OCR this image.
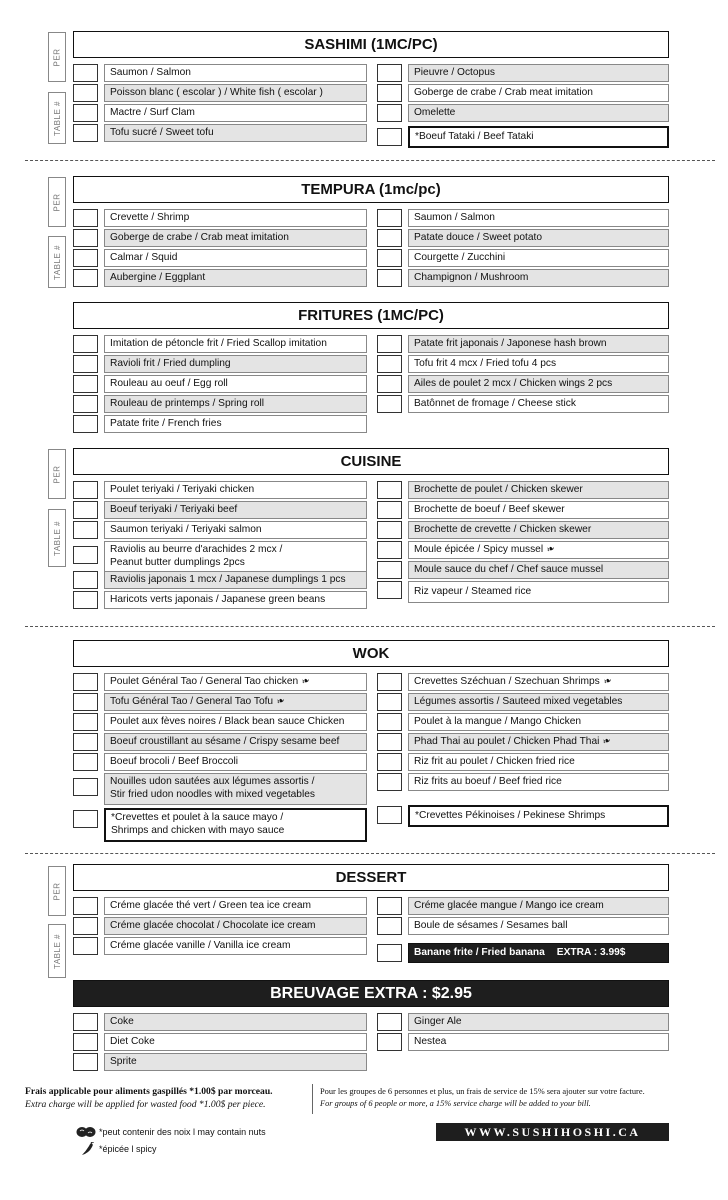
SASHIMI (1MC/PC)
PER
TABLE #
Saumon / Salmon
Poisson blanc ( escolar ) / White fish ( escolar )
Mactre / Surf Clam
Tofu sucré / Sweet tofu
Pieuvre / Octopus
Goberge de crabe / Crab meat imitation
Omelette
*Boeuf Tataki / Beef Tataki
TEMPURA (1mc/pc)
PER
TABLE #
Crevette / Shrimp
Goberge de crabe / Crab meat imitation
Calmar / Squid
Aubergine / Eggplant
Saumon / Salmon
Patate douce / Sweet potato
Courgette / Zucchini
Champignon / Mushroom
FRITURES (1MC/PC)
Imitation de pétoncle frit / Fried Scallop imitation
Ravioli frit / Fried dumpling
Rouleau au oeuf / Egg roll
Rouleau de printemps / Spring roll
Patate frite / French fries
Patate frit japonais / Japonese hash brown
Tofu frit 4 mcx / Fried tofu 4 pcs
Ailes de poulet 2 mcx / Chicken wings 2 pcs
Batônnet de fromage / Cheese stick
CUISINE
PER
TABLE #
Poulet teriyaki / Teriyaki chicken
Boeuf teriyaki / Teriyaki beef
Saumon teriyaki / Teriyaki salmon
Raviolis au beurre d'arachides 2 mcx /
Peanut butter dumplings 2pcs
Raviolis japonais 1 mcx / Japanese dumplings 1 pcs
Haricots verts japonais / Japanese green beans
Brochette de poulet / Chicken skewer
Brochette de boeuf / Beef skewer
Brochette de crevette / Chicken skewer
Moule épicée / Spicy mussel ❧
Moule sauce du chef / Chef sauce mussel
Riz vapeur / Steamed rice
WOK
Poulet Général Tao / General Tao chicken ❧
Tofu Général Tao / General Tao Tofu ❧
Poulet aux fèves noires / Black bean sauce Chicken
Boeuf croustillant au sésame / Crispy sesame beef
Boeuf brocoli / Beef Broccoli
Nouilles udon sautées aux légumes assortis /
Stir fried udon noodles with mixed vegetables
*Crevettes et poulet à la sauce mayo /
Shrimps and chicken with mayo sauce
Crevettes Széchuan / Szechuan Shrimps ❧
Légumes assortis / Sauteed mixed vegetables
Poulet à la mangue / Mango Chicken
Phad Thai au poulet / Chicken Phad Thai ❧
Riz frit au poulet / Chicken fried rice
Riz frits au boeuf / Beef fried rice
*Crevettes Pékinoises / Pekinese Shrimps
DESSERT
PER
TABLE #
Créme glacée thé vert / Green tea ice cream
Créme glacée chocolat / Chocolate ice cream
Créme glacée vanille / Vanilla ice cream
Créme glacée mangue / Mango ice cream
Boule de sésames / Sesames ball
Banane frite / Fried banana EXTRA : 3.99$
BREUVAGE EXTRA : $2.95
Coke
Diet Coke
Sprite
Ginger Ale
Nestea
Frais applicable pour aliments gaspillés *1.00$ par morceau.
Extra charge will be applied for wasted food *1.00$ per piece.
Pour les groupes de 6 personnes et plus, un frais de service de 15% sera ajouter sur votre facture.
For groups of 6 people or more, a 15% service charge will be added to your bill.
*peut contenir des noix l may contain nuts
*épicée l spicy
WWW.SUSHIHOSHI.CA
